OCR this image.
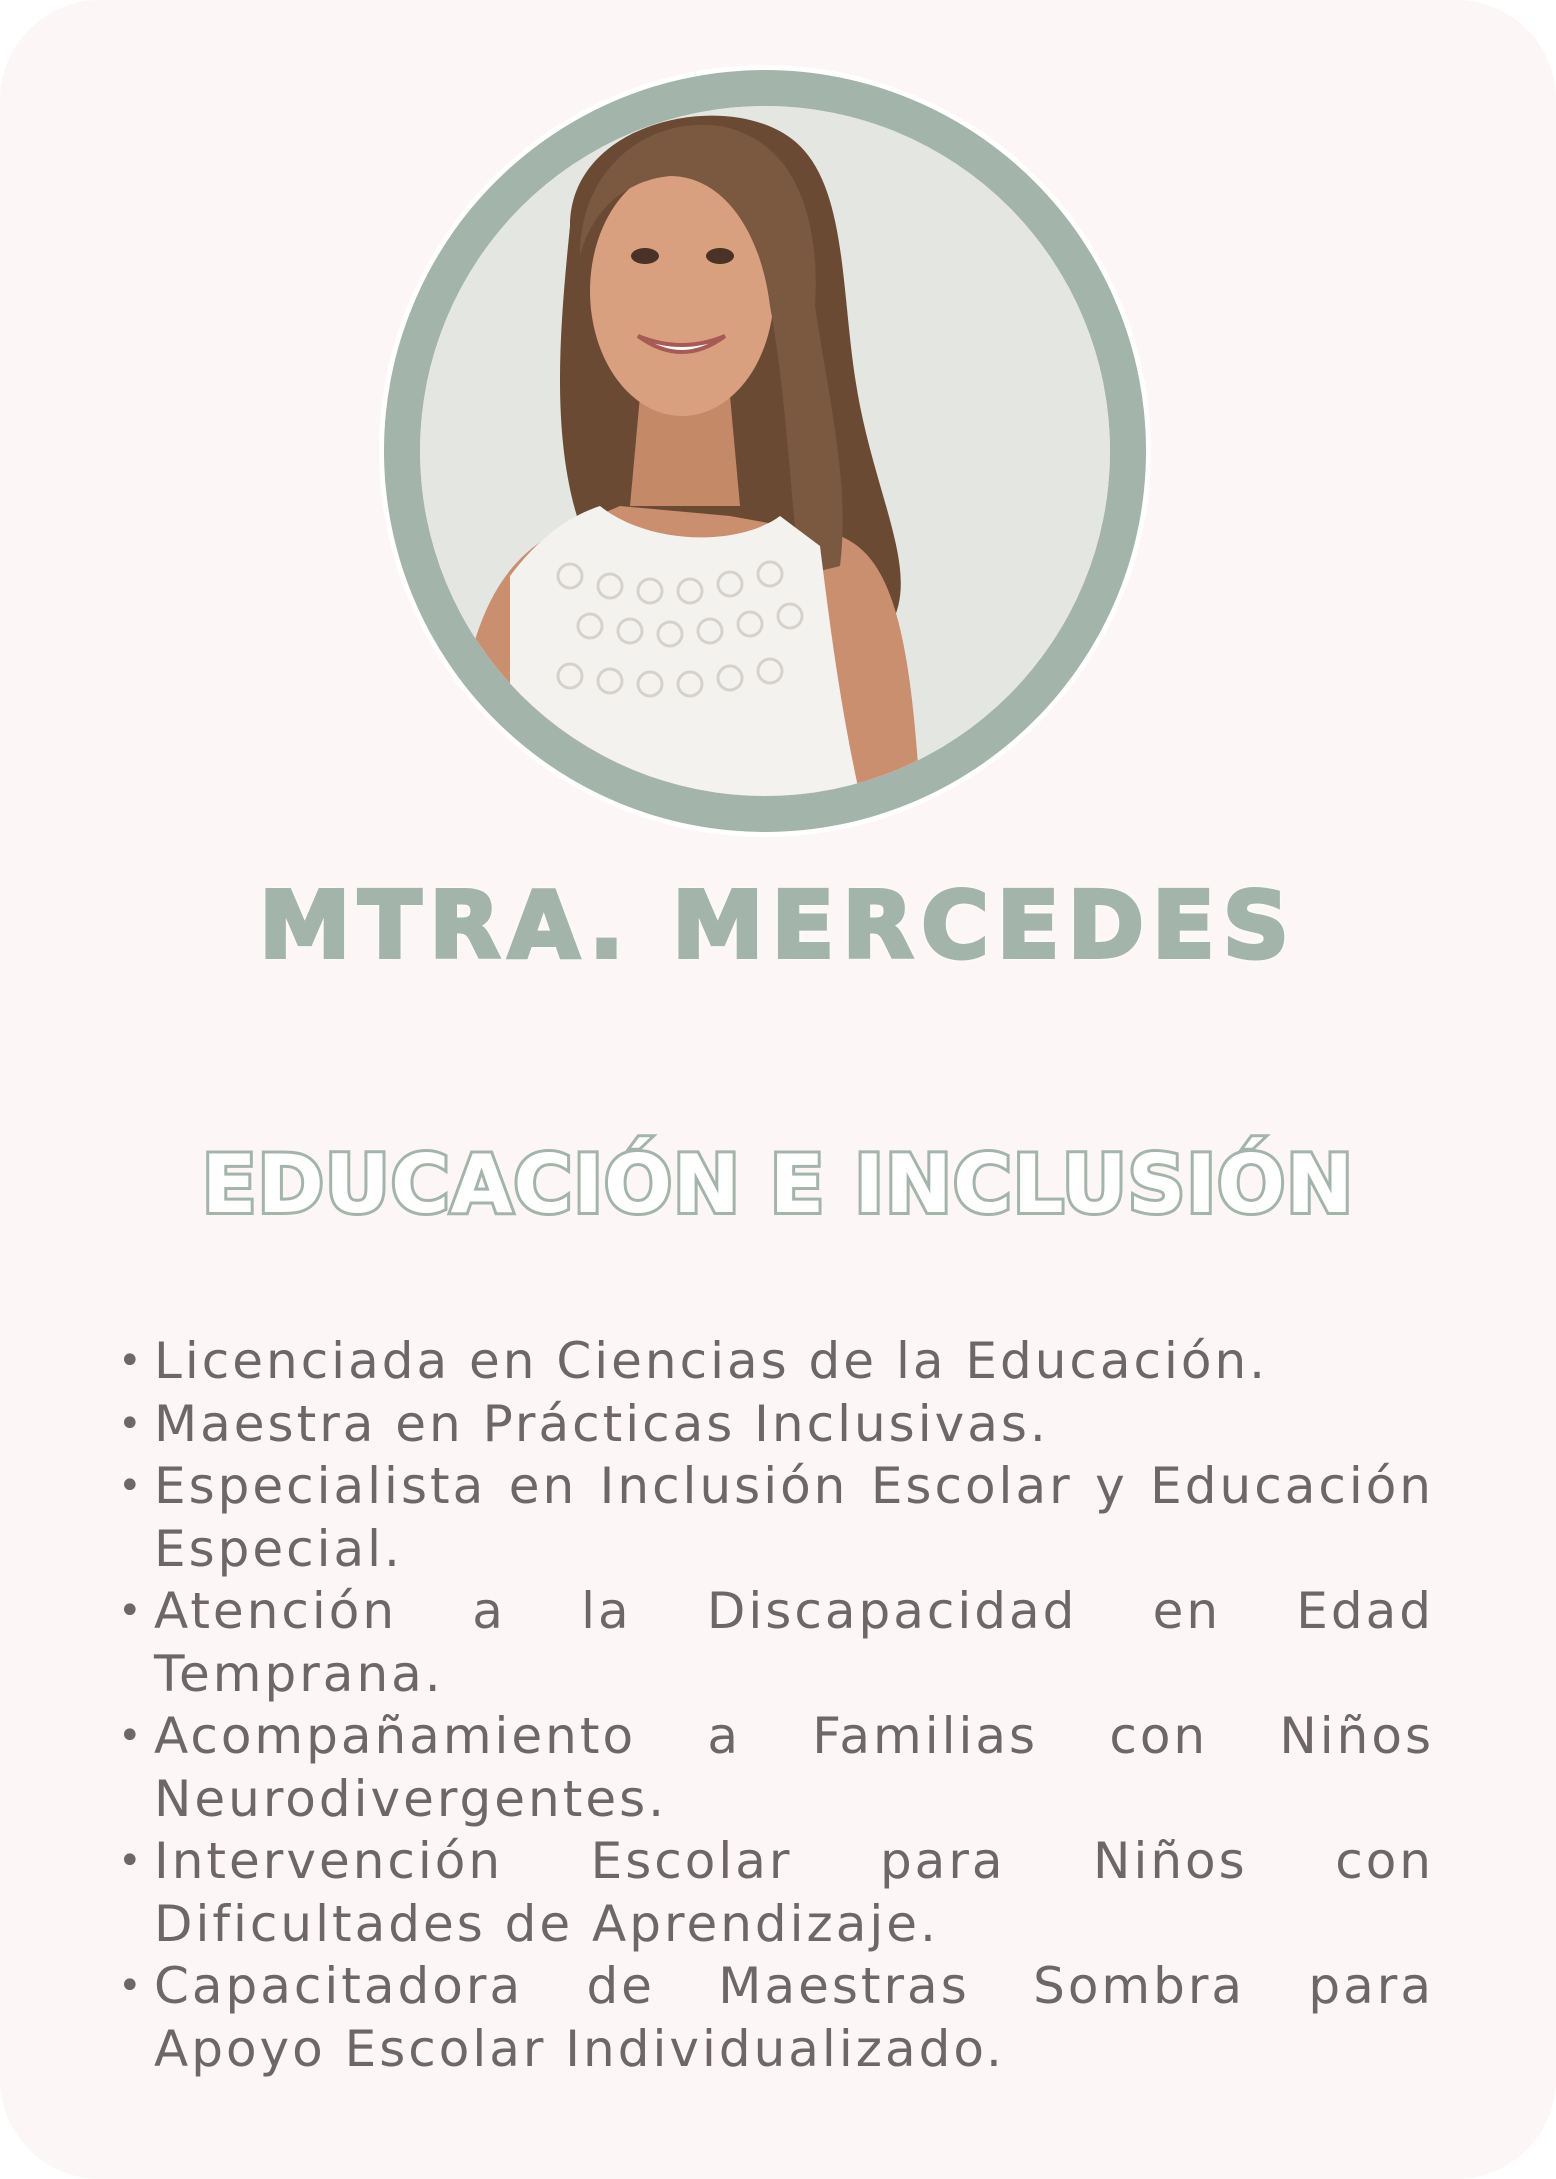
MTRA. MERCEDES
EDUCACIÓN E INCLUSIÓN
• Licenciada en Ciencias de la Educación.
• Maestra en Prácticas Inclusivas.
• Especialista en Inclusión Escolar y Educación Especial.
• Atención a la Discapacidad en Edad Temprana.
• Acompañamiento a Familias con Niños Neurodivergentes.
• Intervención Escolar para Niños con Dificultades de Aprendizaje.
• Capacitadora de Maestras Sombra para Apoyo Escolar Individualizado.
